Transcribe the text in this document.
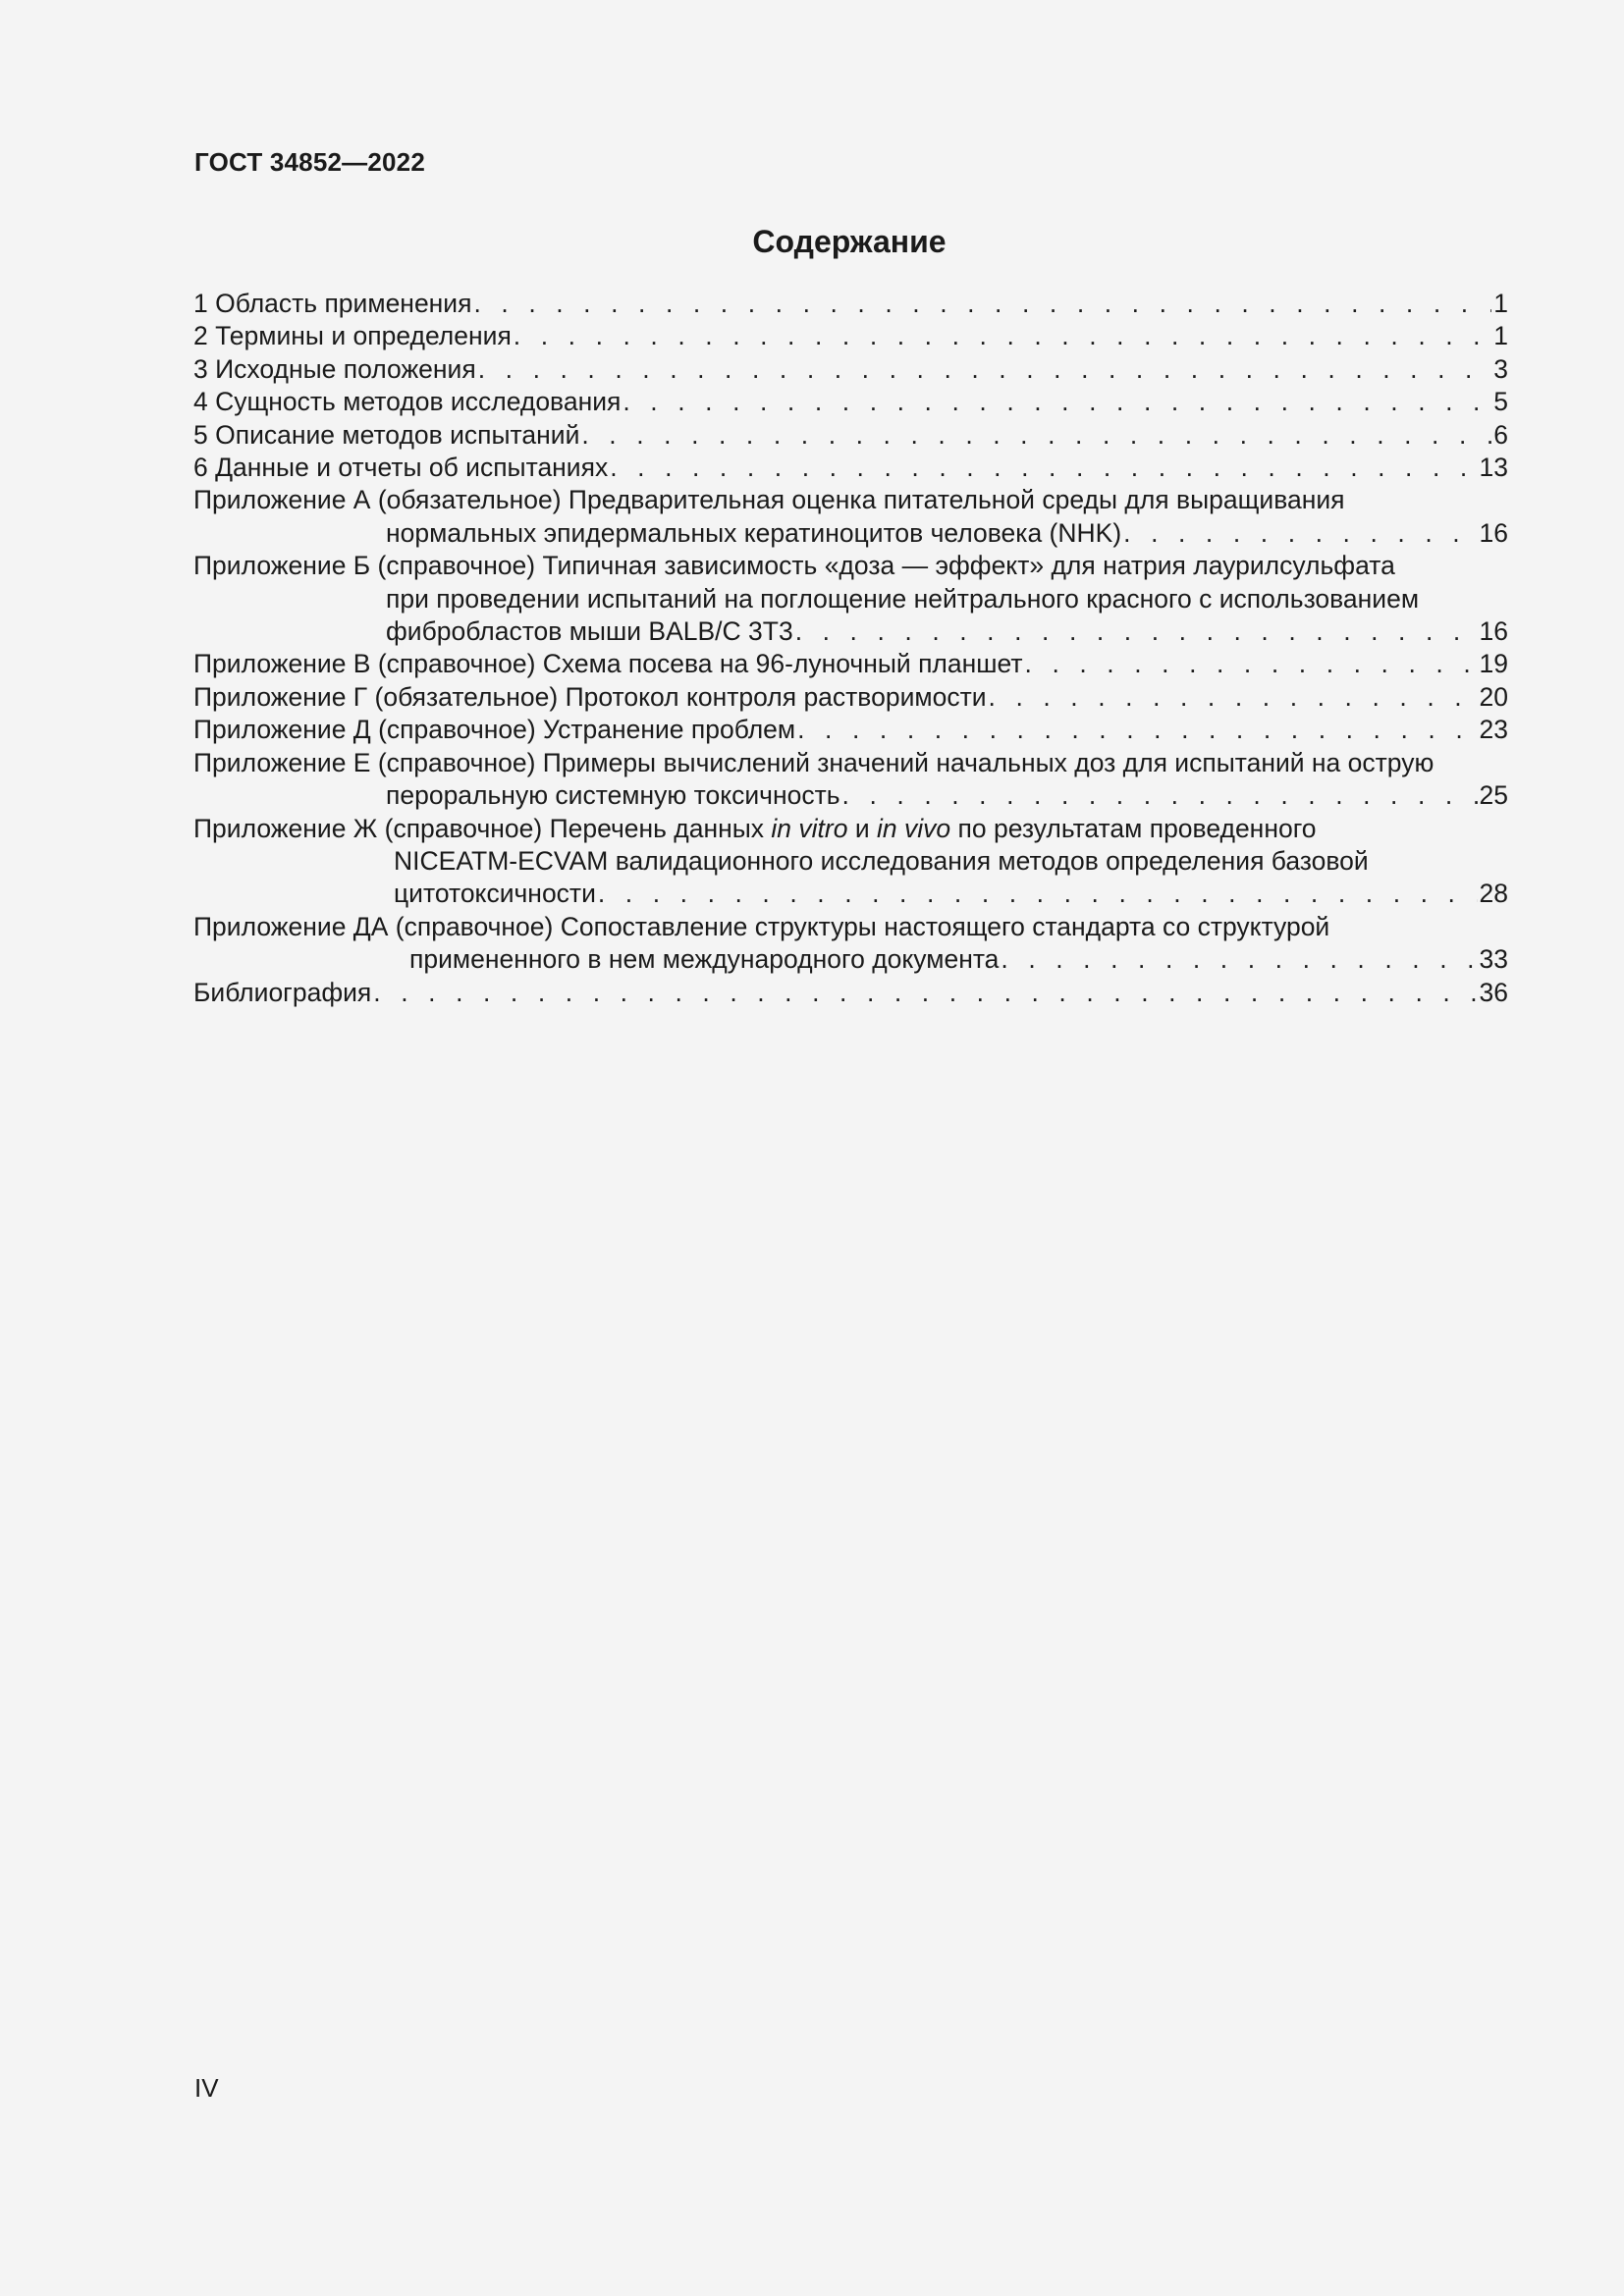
ГОСТ 34852—2022
Содержание
1 Область применения . . .	1
2 Термины и определения . . .	1
3 Исходные положения . . .	3
4 Сущность методов исследования . . .	5
5 Описание методов испытаний . . .	6
6 Данные и отчеты об испытаниях . . .	13
Приложение А (обязательное) Предварительная оценка питательной среды для выращивания
нормальных эпидермальных кератиноцитов человека (NHK) . . .	16
Приложение Б (справочное) Типичная зависимость «доза — эффект» для натрия лаурилсульфата
при проведении испытаний на поглощение нейтрального красного с использованием
фибробластов мыши BALB/C 3T3 . . .	16
Приложение В (справочное) Схема посева на 96-луночный планшет . . .	19
Приложение Г (обязательное) Протокол контроля растворимости . . .	20
Приложение Д (справочное) Устранение проблем . . .	23
Приложение Е (справочное) Примеры вычислений значений начальных доз для испытаний на острую
пероральную системную токсичность . . .	25
Приложение Ж (справочное) Перечень данных in vitro и in vivo по результатам проведенного
NICEATM-ECVAM валидационного исследования методов определения базовой
цитотоксичности . . .	28
Приложение ДА (справочное) Сопоставление структуры настоящего стандарта со структурой
примененного в нем международного документа . . .	33
Библиография . . .	36
IV
